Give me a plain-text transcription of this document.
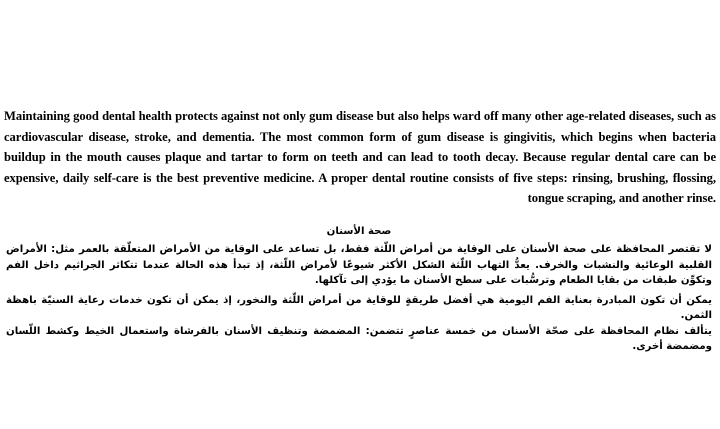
Maintaining good dental health protects against not only gum disease but also helps ward off many other age-related diseases, such as cardiovascular disease, stroke, and dementia. The most common form of gum disease is gingivitis, which begins when bacteria buildup in the mouth causes plaque and tartar to form on teeth and can lead to tooth decay. Because regular dental care can be expensive, daily self-care is the best preventive medicine. A proper dental routine consists of five steps: rinsing, brushing, flossing, tongue scraping, and another rinse.

صحة الأسنان

لا تقتصر المحافظة على صحة الأسنان على الوقاية من أمراض اللّثة فقط، بل تساعد على الوقاية من الأمراض المتعلّقة بالعمر مثل: الأمراض القلبية الوعائية والنشبات والخرف. يعدُّ التهاب اللّثة الشكل الأكثر شيوعًا لأمراض اللّثة، إذ تبدأ هذه الحالة عندما تتكاثر الجراثيم داخل الفم وتكوِّن طبقات من بقايا الطعام وترسُّبات على سطح الأسنان ما يؤدي إلى تآكلها.

يمكن أن تكون المبادرة بعناية الفم اليومية هي أفضل طريقةٍ للوقاية من أمراض اللّثة والنخور، إذ يمكن أن تكون خدمات رعاية السنيّة باهظة الثمن.

يتألف نظام المحافظة على صحّة الأسنان من خمسة عناصرٍ تتضمن: المضمضة وتنظيف الأسنان بالفرشاة واستعمال الخيط وكشط اللّسان ومضمضة أخرى.
